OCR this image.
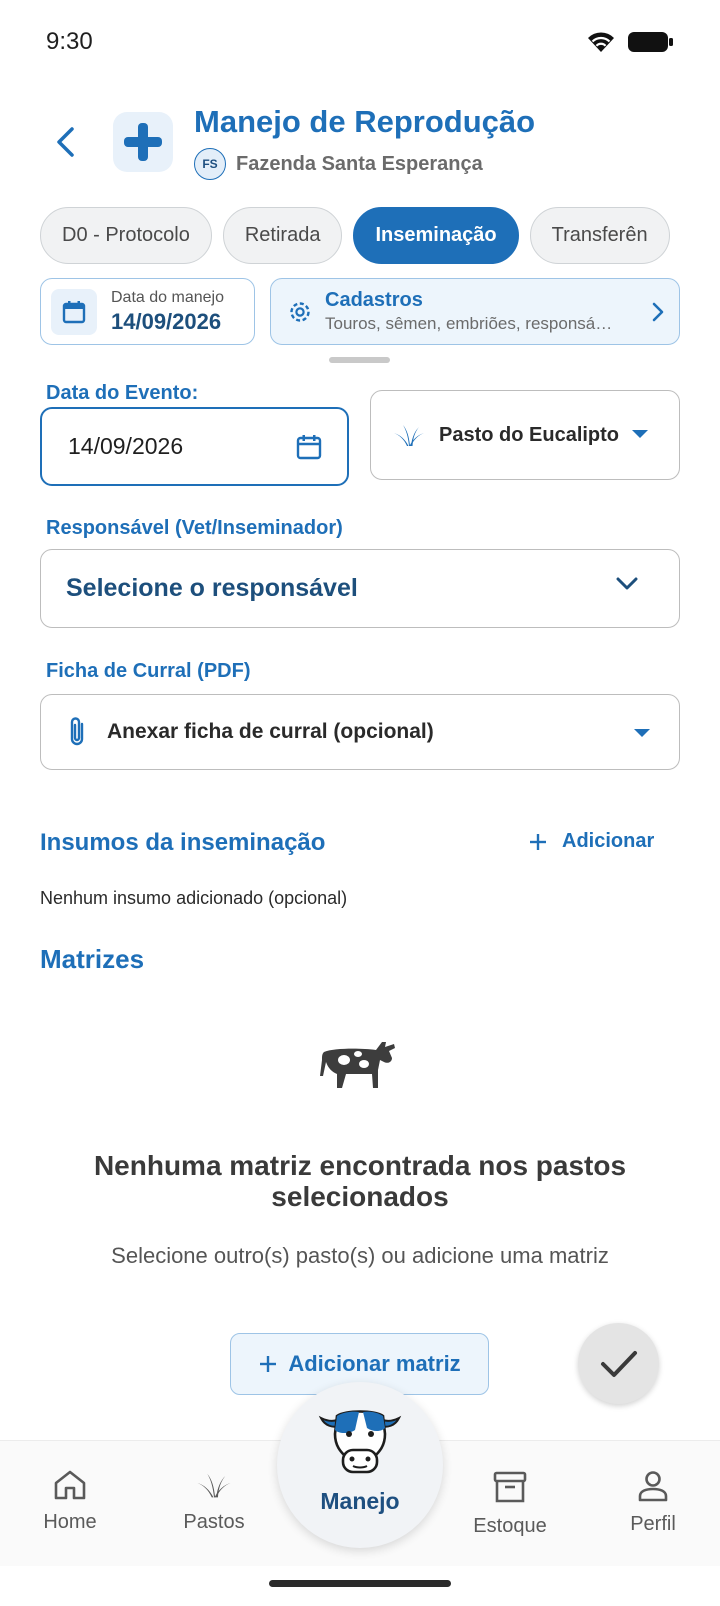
9:30
Manejo de Reprodução
FS Fazenda Santa Esperança
D0 - Protocolo	Retirada	Inseminação	Transferên
Data do manejo
14/09/2026
Cadastros
Touros, sêmen, embriões, responsá…
Data do Evento:
14/09/2026	Pasto do Eucalipto
Responsável (Vet/Inseminador)
Selecione o responsável
Ficha de Curral (PDF)
Anexar ficha de curral (opcional)
Insumos da inseminação	Adicionar
Nenhum insumo adicionado (opcional)
Matrizes
Nenhuma matriz encontrada nos pastos selecionados
Selecione outro(s) pasto(s) ou adicione uma matriz
Adicionar matriz
Home	Pastos	Estoque	Perfil
Manejo
